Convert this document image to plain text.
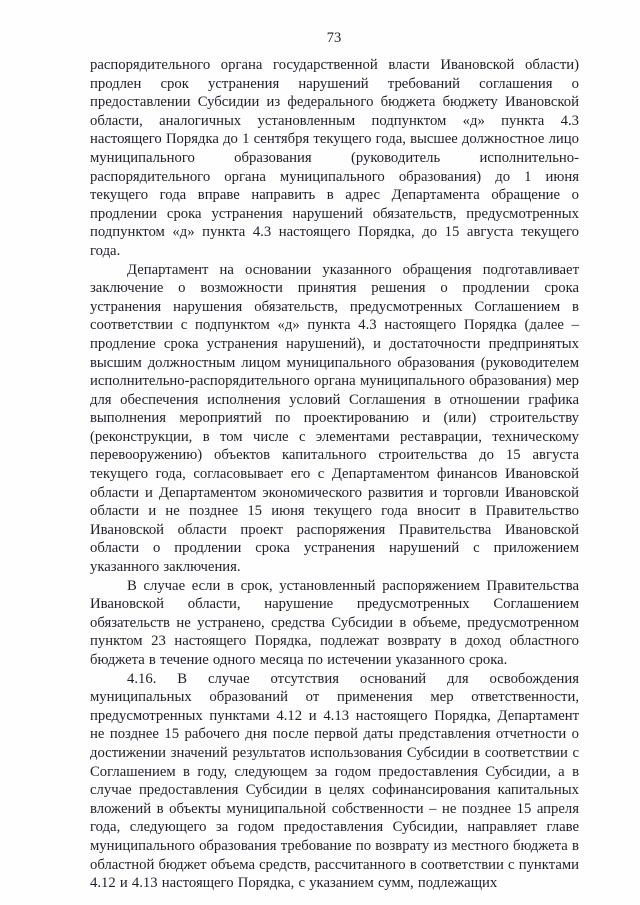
73

распорядительного органа государственной власти Ивановской области) продлен срок устранения нарушений требований соглашения о предоставлении Субсидии из федерального бюджета бюджету Ивановской области, аналогичных установленным подпунктом «д» пункта 4.3 настоящего Порядка до 1 сентября текущего года, высшее должностное лицо муниципального образования (руководитель исполнительно-распорядительного органа муниципального образования) до 1 июня текущего года вправе направить в адрес Департамента обращение о продлении срока устранения нарушений обязательств, предусмотренных подпунктом «д» пункта 4.3 настоящего Порядка, до 15 августа текущего года.

Департамент на основании указанного обращения подготавливает заключение о возможности принятия решения о продлении срока устранения нарушения обязательств, предусмотренных Соглашением в соответствии с подпунктом «д» пункта 4.3 настоящего Порядка (далее – продление срока устранения нарушений), и достаточности предпринятых высшим должностным лицом муниципального образования (руководителем исполнительно-распорядительного органа муниципального образования) мер для обеспечения исполнения условий Соглашения в отношении графика выполнения мероприятий по проектированию и (или) строительству (реконструкции, в том числе с элементами реставрации, техническому перевооружению) объектов капитального строительства до 15 августа текущего года, согласовывает его с Департаментом финансов Ивановской области и Департаментом экономического развития и торговли Ивановской области и не позднее 15 июня текущего года вносит в Правительство Ивановской области проект распоряжения Правительства Ивановской области о продлении срока устранения нарушений с приложением указанного заключения.

В случае если в срок, установленный распоряжением Правительства Ивановской области, нарушение предусмотренных Соглашением обязательств не устранено, средства Субсидии в объеме, предусмотренном пунктом 23 настоящего Порядка, подлежат возврату в доход областного бюджета в течение одного месяца по истечении указанного срока.

4.16. В случае отсутствия оснований для освобождения муниципальных образований от применения мер ответственности, предусмотренных пунктами 4.12 и 4.13 настоящего Порядка, Департамент не позднее 15 рабочего дня после первой даты представления отчетности о достижении значений результатов использования Субсидии в соответствии с Соглашением в году, следующем за годом предоставления Субсидии, а в случае предоставления Субсидии в целях софинансирования капитальных вложений в объекты муниципальной собственности – не позднее 15 апреля года, следующего за годом предоставления Субсидии, направляет главе муниципального образования требование по возврату из местного бюджета в областной бюджет объема средств, рассчитанного в соответствии с пунктами 4.12 и 4.13 настоящего Порядка, с указанием сумм, подлежащих
